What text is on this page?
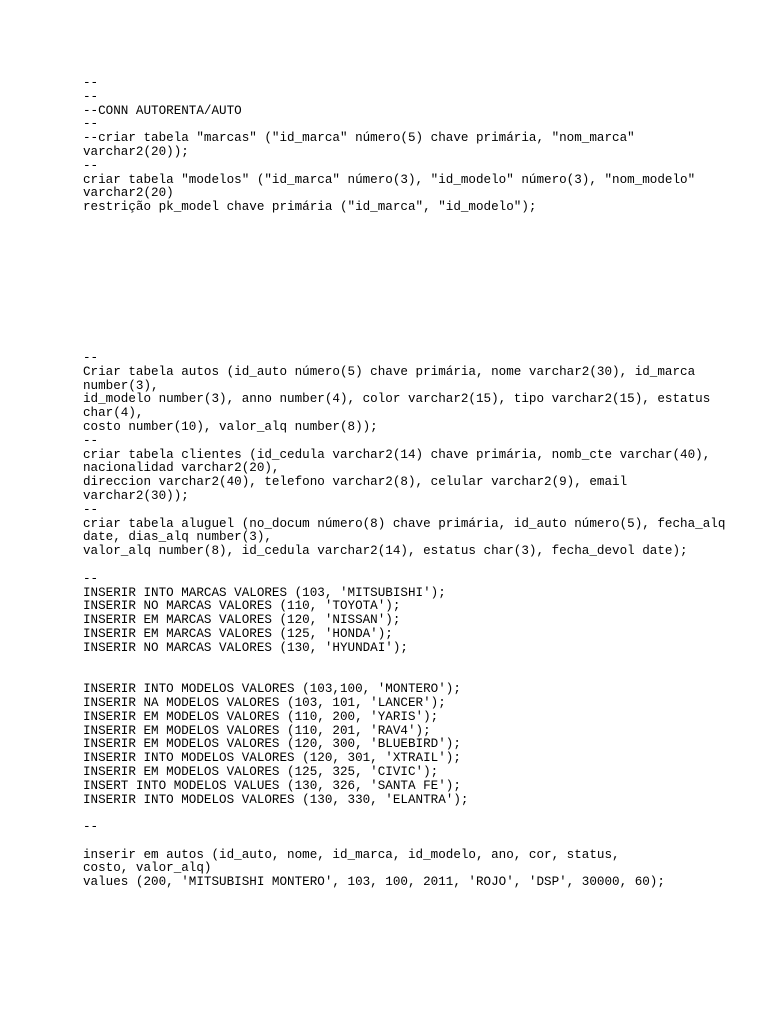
--
--
--CONN AUTORENTA/AUTO
--
--criar tabela "marcas" ("id_marca" número(5) chave primária, "nom_marca"
varchar2(20));
--
criar tabela "modelos" ("id_marca" número(3), "id_modelo" número(3), "nom_modelo"
varchar2(20)
restrição pk_model chave primária ("id_marca", "id_modelo");
--
Criar tabela autos (id_auto número(5) chave primária, nome varchar2(30), id_marca
number(3),
id_modelo number(3), anno number(4), color varchar2(15), tipo varchar2(15), estatus
char(4),
costo number(10), valor_alq number(8));
--
criar tabela clientes (id_cedula varchar2(14) chave primária, nomb_cte varchar(40),
nacionalidad varchar2(20),
direccion varchar2(40), telefono varchar2(8), celular varchar2(9), email
varchar2(30));
--
criar tabela aluguel (no_docum número(8) chave primária, id_auto número(5), fecha_alq
date, dias_alq number(3),
valor_alq number(8), id_cedula varchar2(14), estatus char(3), fecha_devol date);

--
INSERIR INTO MARCAS VALORES (103, 'MITSUBISHI');
INSERIR NO MARCAS VALORES (110, 'TOYOTA');
INSERIR EM MARCAS VALORES (120, 'NISSAN');
INSERIR EM MARCAS VALORES (125, 'HONDA');
INSERIR NO MARCAS VALORES (130, 'HYUNDAI');

INSERIR INTO MODELOS VALORES (103,100, 'MONTERO');
INSERIR NA MODELOS VALORES (103, 101, 'LANCER');
INSERIR EM MODELOS VALORES (110, 200, 'YARIS');
INSERIR EM MODELOS VALORES (110, 201, 'RAV4');
INSERIR EM MODELOS VALORES (120, 300, 'BLUEBIRD');
INSERIR INTO MODELOS VALORES (120, 301, 'XTRAIL');
INSERIR EM MODELOS VALORES (125, 325, 'CIVIC');
INSERT INTO MODELOS VALUES (130, 326, 'SANTA FE');
INSERIR INTO MODELOS VALORES (130, 330, 'ELANTRA');

--

inserir em autos (id_auto, nome, id_marca, id_modelo, ano, cor, status,
costo, valor_alq)
values (200, 'MITSUBISHI MONTERO', 103, 100, 2011, 'ROJO', 'DSP', 30000, 60);
